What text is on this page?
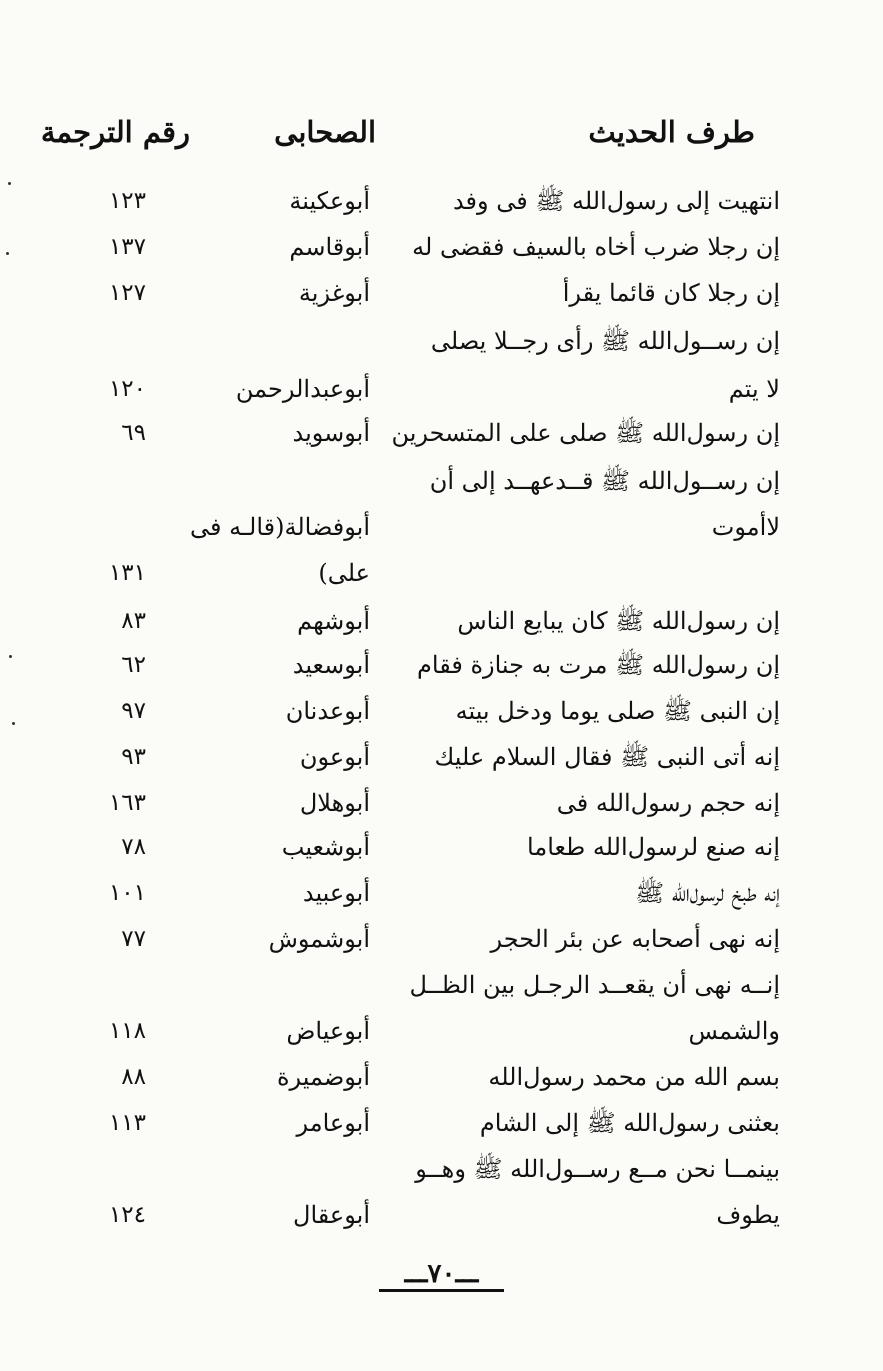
طرف الحديث
الصحابى
رقم الترجمة
انتهيت إلى رسول‌الله ﷺ فى وفد
أبوعكينة
١٢٣
إن رجلا ضرب أخاه بالسيف فقضى له
أبوقاسم
١٣٧
إن رجلا كان قائما يقرأ
أبوغزية
١٢٧
إن رســول‌الله ﷺ رأى رجــلا يصلى
لا يتم
أبوعبدالرحمن
١٢٠
إن رسول‌الله ﷺ صلى على المتسحرين
أبوسويد
٦٩
إن رســول‌الله ﷺ قــدعهــد إلى أن
لاأموت
أبوفضالة(قالـه فى
على)
١٣١
إن رسول‌الله ﷺ كان يبايع الناس
أبوشهم
٨٣
إن رسول‌الله ﷺ مرت به جنازة فقام
أبوسعيد
٦٢
إن النبى ﷺ صلى يوما ودخل بيته
أبوعدنان
٩٧
إنه أتى النبى ﷺ فقال السلام عليك
أبوعون
٩٣
إنه حجم رسول‌الله فى
أبوهلال
١٦٣
إنه صنع لرسول‌الله طعاما
أبوشعيب
٧٨
إنه طبخ لرسول‌الله ﷺ
أبوعبيد
١٠١
إنه نهى أصحابه عن بئر الحجر
أبوشموش
٧٧
إنــه نهى أن يقعــد الرجـل بين الظــل
والشمس
أبوعياض
١١٨
بسم الله من محمد رسول‌الله
أبوضميرة
٨٨
بعثنى رسول‌الله ﷺ إلى الشام
أبوعامر
١١٣
بينمــا نحن مــع رســول‌الله ﷺ وهــو
يطوف
أبوعقال
١٢٤
ـــ٧٠ـــ
